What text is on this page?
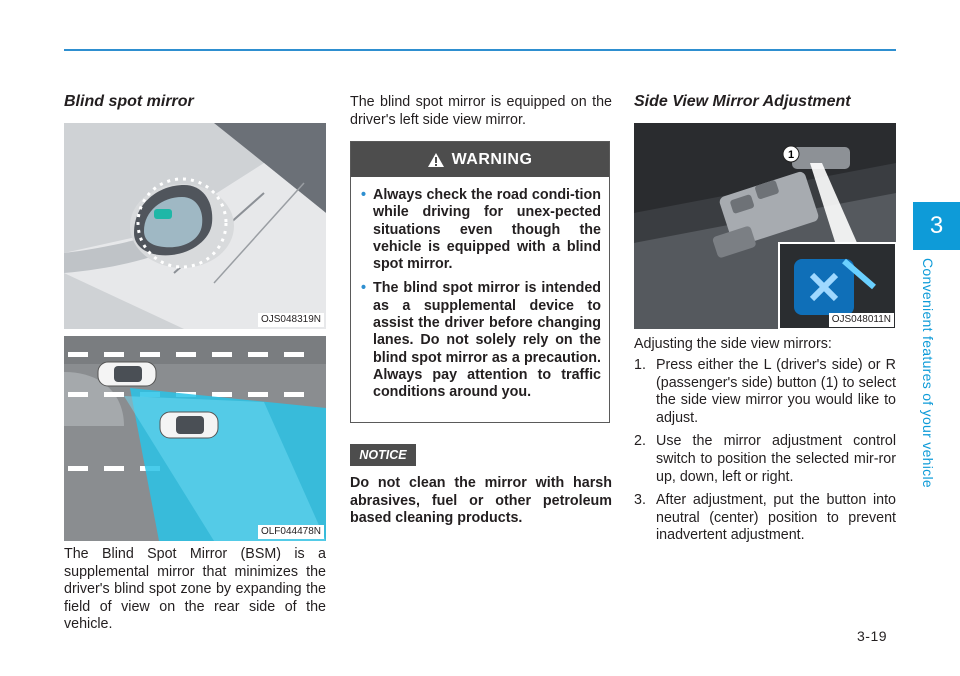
3
Convenient features of your vehicle
Blind spot mirror
OJS048319N
OLF044478N

The Blind Spot Mirror (BSM) is a supplemental mirror that minimizes the driver's blind spot zone by expanding the field of view on the rear side of the vehicle.

The blind spot mirror is equipped on the driver's left side view mirror.

WARNING
• Always check the road condi-tion while driving for unex-pected situations even though the vehicle is equipped with a blind spot mirror.
• The blind spot mirror is intended as a supplemental device to assist the driver before changing lanes. Do not solely rely on the blind spot mirror as a precaution. Always pay attention to traffic conditions around you.
NOTICE

Do not clean the mirror with harsh abrasives, fuel or other petroleum based cleaning products.

Side View Mirror Adjustment
1
OJS048011N

Adjusting the side view mirrors:

1. Press either the L (driver's side) or R (passenger's side) button (1) to select the side view mirror you would like to adjust.
2. Use the mirror adjustment control switch to position the selected mir-ror up, down, left or right.
3. After adjustment, put the button into neutral (center) position to prevent inadvertent adjustment.
3-19
